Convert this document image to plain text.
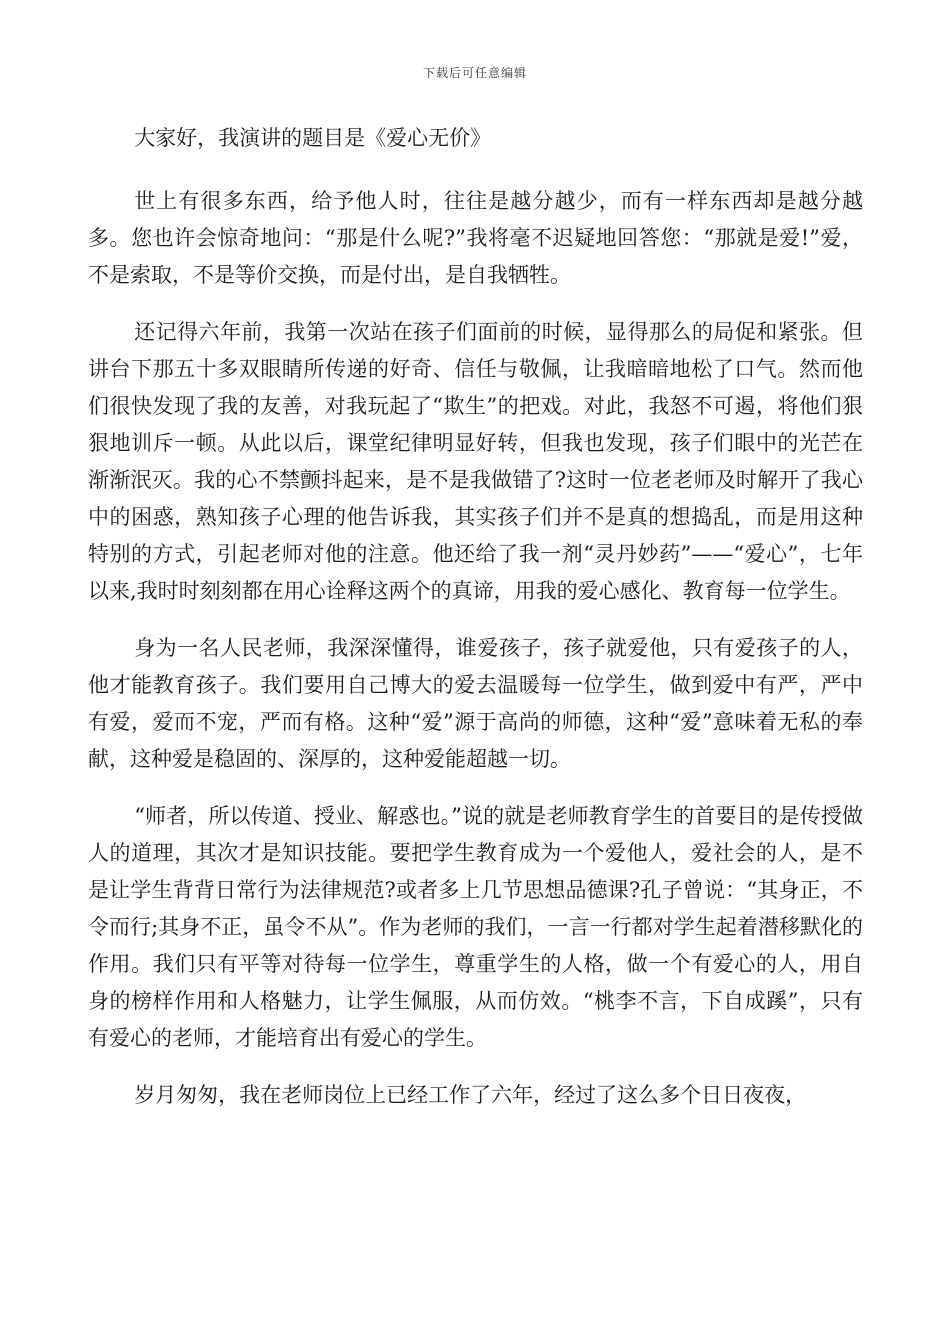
下载后可任意编辑

大家好，我演讲的题目是《爱心无价》

世上有很多东西，给予他人时，往往是越分越少，而有一样东西却是越分越多。您也许会惊奇地问：“那是什么呢?”我将毫不迟疑地回答您：“那就是爱!”爱，不是索取，不是等价交换，而是付出，是自我牺牲。

还记得六年前，我第一次站在孩子们面前的时候，显得那么的局促和紧张。但讲台下那五十多双眼睛所传递的好奇、信任与敬佩，让我暗暗地松了口气。然而他们很快发现了我的友善，对我玩起了“欺生”的把戏。对此，我怒不可遏，将他们狠狠地训斥一顿。从此以后，课堂纪律明显好转，但我也发现，孩子们眼中的光芒在渐渐泯灭。我的心不禁颤抖起来，是不是我做错了?这时一位老老师及时解开了我心中的困惑，熟知孩子心理的他告诉我，其实孩子们并不是真的想捣乱，而是用这种特别的方式，引起老师对他的注意。他还给了我一剂“灵丹妙药”——“爱心”，七年以来,我时时刻刻都在用心诠释这两个的真谛，用我的爱心感化、教育每一位学生。

身为一名人民老师，我深深懂得，谁爱孩子，孩子就爱他，只有爱孩子的人，他才能教育孩子。我们要用自己博大的爱去温暖每一位学生，做到爱中有严，严中有爱，爱而不宠，严而有格。这种“爱”源于高尚的师德，这种“爱”意味着无私的奉献，这种爱是稳固的、深厚的，这种爱能超越一切。

“师者，所以传道、授业、解惑也。”说的就是老师教育学生的首要目的是传授做人的道理，其次才是知识技能。要把学生教育成为一个爱他人，爱社会的人，是不是让学生背背日常行为法律规范?或者多上几节思想品德课?孔子曾说：“其身正，不令而行;其身不正，虽令不从”。作为老师的我们，一言一行都对学生起着潜移默化的作用。我们只有平等对待每一位学生，尊重学生的人格，做一个有爱心的人，用自身的榜样作用和人格魅力，让学生佩服，从而仿效。“桃李不言，下自成蹊”，只有有爱心的老师，才能培育出有爱心的学生。

岁月匆匆，我在老师岗位上已经工作了六年，经过了这么多个日日夜夜，
